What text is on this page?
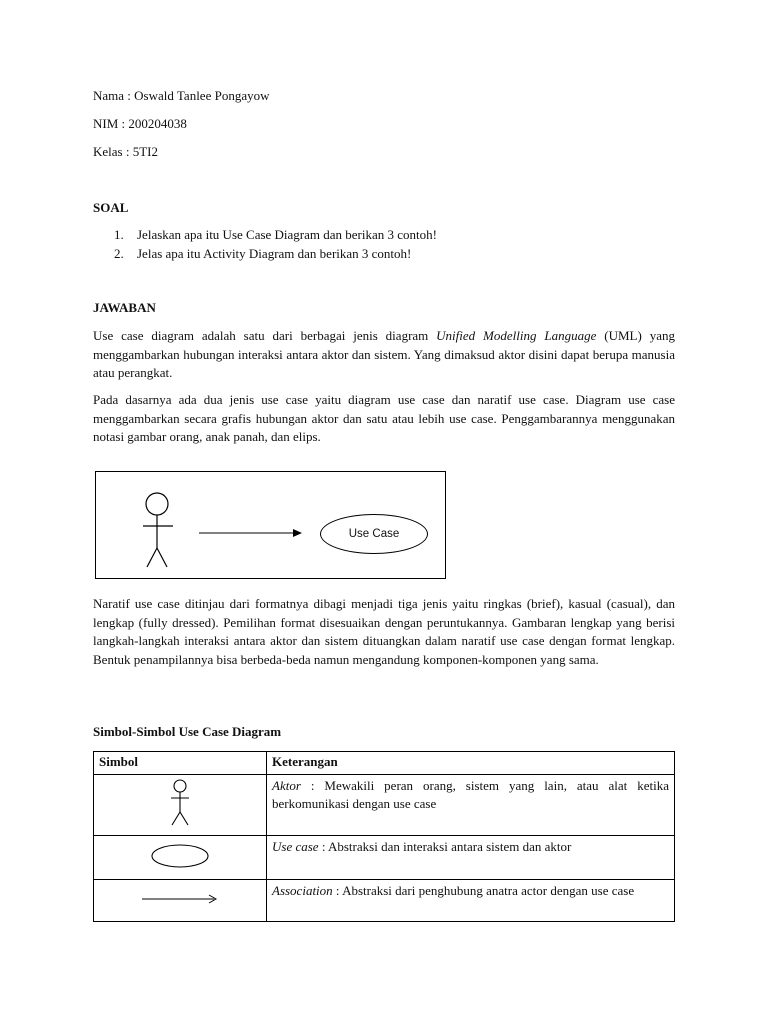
Nama : Oswald Tanlee Pongayow
NIM : 200204038
Kelas : 5TI2
SOAL
1. Jelaskan apa itu Use Case Diagram dan berikan 3 contoh!
2. Jelas apa itu Activity Diagram dan berikan 3 contoh!
JAWABAN
Use case diagram adalah satu dari berbagai jenis diagram Unified Modelling Language (UML) yang menggambarkan hubungan interaksi antara aktor dan sistem. Yang dimaksud aktor disini dapat berupa manusia atau perangkat.
Pada dasarnya ada dua jenis use case yaitu diagram use case dan naratif use case. Diagram use case menggambarkan secara grafis hubungan aktor dan satu atau lebih use case. Penggambarannya menggunakan notasi gambar orang, anak panah, dan elips.
Use Case
Naratif use case ditinjau dari formatnya dibagi menjadi tiga jenis yaitu ringkas (brief), kasual (casual), dan lengkap (fully dressed). Pemilihan format disesuaikan dengan peruntukannya. Gambaran lengkap yang berisi langkah-langkah interaksi antara aktor dan sistem dituangkan dalam naratif use case dengan format lengkap. Bentuk penampilannya bisa berbeda-beda namun mengandung komponen-komponen yang sama.
Simbol-Simbol Use Case Diagram
Simbol	Keterangan
	Aktor : Mewakili peran orang, sistem yang lain, atau alat ketika berkomunikasi dengan use case
	Use case : Abstraksi dan interaksi antara sistem dan aktor
	Association : Abstraksi dari penghubung anatra actor dengan use case
